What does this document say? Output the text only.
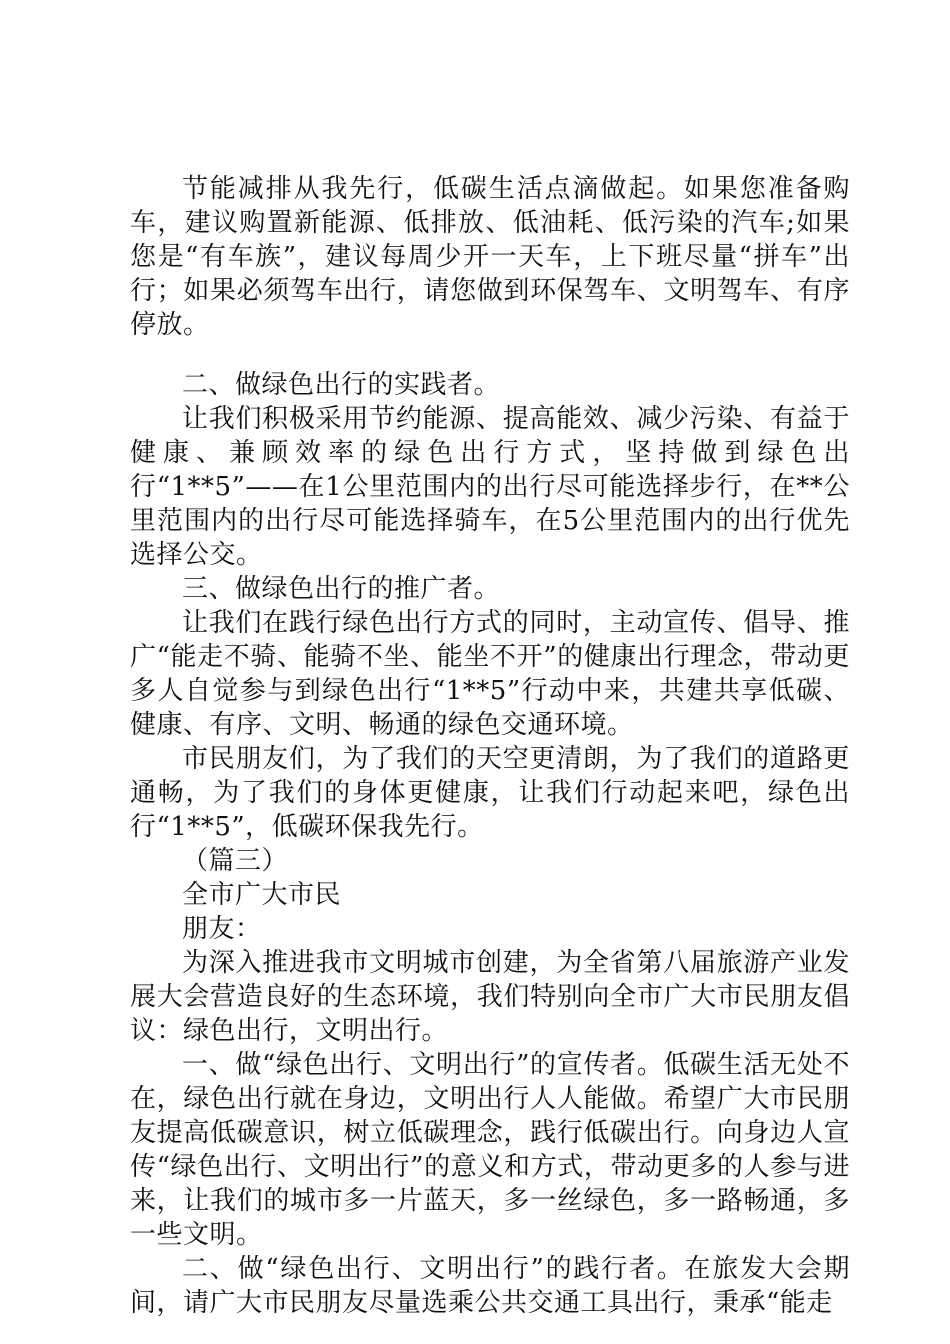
节能减排从我先行，低碳生活点滴做起。如果您准备购车，建议购置新能源、低排放、低油耗、低污染的汽车;如果您是“有车族”，建议每周少开一天车，上下班尽量“拼车”出行；如果必须驾车出行，请您做到环保驾车、文明驾车、有序停放。

二、做绿色出行的实践者。

让我们积极采用节约能源、提高能效、减少污染、有益于健康、兼顾效率的绿色出行方式，坚持做到绿色出行“1**5”——在1公里范围内的出行尽可能选择步行，在**公里范围内的出行尽可能选择骑车，在5公里范围内的出行优先选择公交。

三、做绿色出行的推广者。

让我们在践行绿色出行方式的同时，主动宣传、倡导、推广“能走不骑、能骑不坐、能坐不开”的健康出行理念，带动更多人自觉参与到绿色出行“1**5”行动中来，共建共享低碳、健康、有序、文明、畅通的绿色交通环境。

市民朋友们，为了我们的天空更清朗，为了我们的道路更通畅，为了我们的身体更健康，让我们行动起来吧，绿色出行“1**5”，低碳环保我先行。

（篇三）

全市广大市民

朋友：

为深入推进我市文明城市创建，为全省第八届旅游产业发展大会营造良好的生态环境，我们特别向全市广大市民朋友倡议：绿色出行，文明出行。

一、做“绿色出行、文明出行”的宣传者。低碳生活无处不在，绿色出行就在身边，文明出行人人能做。希望广大市民朋友提高低碳意识，树立低碳理念，践行低碳出行。向身边人宣传“绿色出行、文明出行”的意义和方式，带动更多的人参与进来，让我们的城市多一片蓝天，多一丝绿色，多一路畅通，多一些文明。

二、做“绿色出行、文明出行”的践行者。在旅发大会期间，请广大市民朋友尽量选乘公共交通工具出行，秉承“能走
